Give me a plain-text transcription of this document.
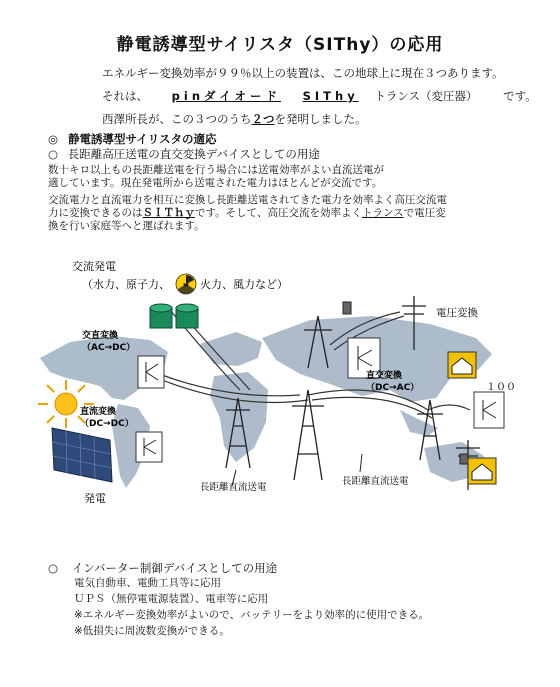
静電誘導型サイリスタ（SIThy）の応用
エネルギー変換効率が９９％以上の装置は、この地球上に現在３つあります。
それは、 pinダイオード SIThy トランス（変圧器） です。
西澤所長が、この３つのうち２つを発明しました。
◎ 静電誘導型サイリスタの適応
○ 長距離高圧送電の直交変換デバイスとしての用途
数十キロ以上もの長距離送電を行う場合には送電効率がよい直流送電が
適しています。現在発電所から送電された電力はほとんどが交流です。
交流電力と直流電力を相互に変換し長距離送電されてきた電力を効率よく高圧交流電
力に変換できるのはＳＩＴｈｙです。そして、高圧交流を効率よくトランスで電圧変
換を行い家庭等へと運ばれます。
交流発電
（水力、原子力、	火力、風力など）
交直変換
（AC→DC）
直流変換
（DC→DC）
直交変換
（DC→AC）
電圧変換
１００
発電
長距離直流送電
長距離直流送電
○ インバーター制御デバイスとしての用途
電気自動車、電動工具等に応用
ＵＰＳ（無停電電源装置）、電車等に応用
※エネルギー変換効率がよいので、バッテリーをより効率的に使用できる。
※低損失に周波数変換ができる。
